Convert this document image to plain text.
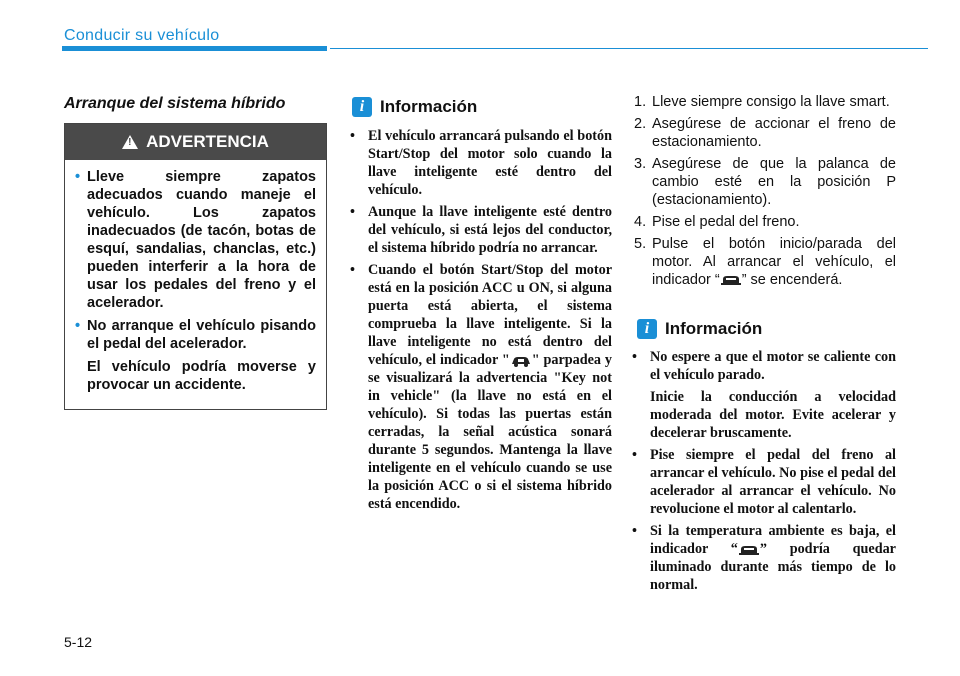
Conducir su vehículo
Arranque del sistema híbrido
! ADVERTENCIA
• Lleve siempre zapatos adecuados cuando maneje el vehículo. Los zapatos inadecuados (de tacón, botas de esquí, sandalias, chanclas, etc.) pueden interferir a la hora de usar los pedales del freno y el acelerador.
• No arranque el vehículo pisando el pedal del acelerador.
El vehículo podría moverse y provocar un accidente.
i Información
• El vehículo arrancará pulsando el botón Start/Stop del motor solo cuando la llave inteligente esté dentro del vehículo.
• Aunque la llave inteligente esté dentro del vehículo, si está lejos del conductor, el sistema híbrido podría no arrancar.
• Cuando el botón Start/Stop del motor está en la posición ACC u ON, si alguna puerta está abierta, el sistema comprueba la llave inteligente. Si la llave inteligente no está dentro del vehículo, el indicador " " parpadea y se visualizará la advertencia "Key not in vehicle" (la llave no está en el vehículo). Si todas las puertas están cerradas, la señal acústica sonará durante 5 segundos. Mantenga la llave inteligente en el vehículo cuando se use la posición ACC o si el sistema híbrido está encendido.
1. Lleve siempre consigo la llave smart.
2. Asegúrese de accionar el freno de estacionamiento.
3. Asegúrese de que la palanca de cambio esté en la posición P (estacionamiento).
4. Pise el pedal del freno.
5. Pulse el botón inicio/parada del motor. Al arrancar el vehículo, el indicador “ ” se encenderá.
i Información
• No espere a que el motor se caliente con el vehículo parado.
Inicie la conducción a velocidad moderada del motor. Evite acelerar y decelerar bruscamente.
• Pise siempre el pedal del freno al arrancar el vehículo. No pise el pedal del acelerador al arrancar el vehículo. No revolucione el motor al calentarlo.
• Si la temperatura ambiente es baja, el indicador “ ” podría quedar iluminado durante más tiempo de lo normal.
5-12
